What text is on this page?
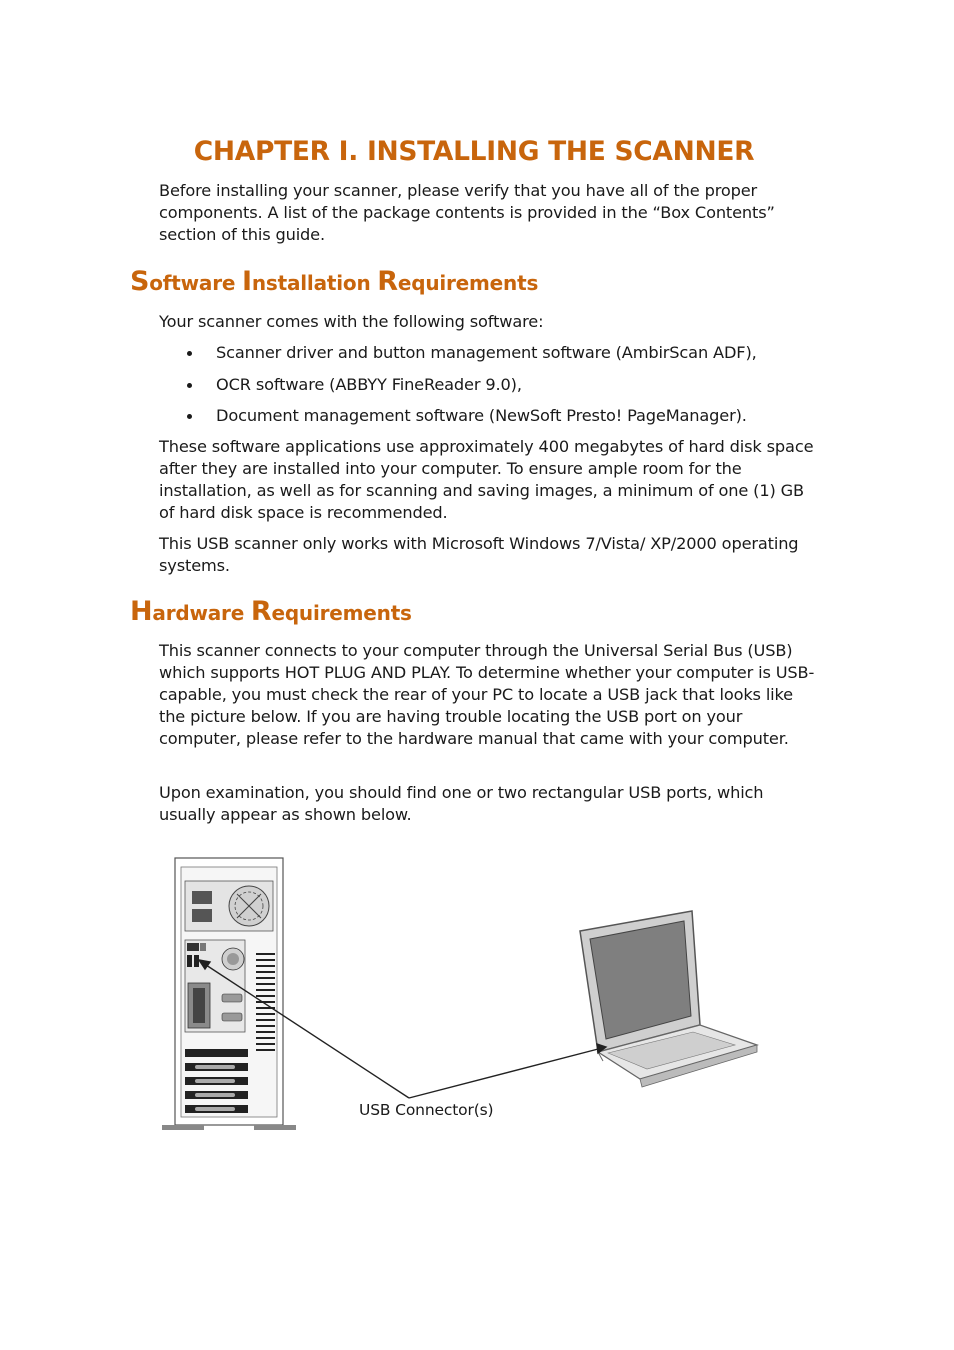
CHAPTER I. INSTALLING THE SCANNER

Before installing your scanner, please verify that you have all of the proper components. A list of the package contents is provided in the “Box Contents” section of this guide.

Software Installation Requirements

Your scanner comes with the following software:

Scanner driver and button management software (AmbirScan ADF),
OCR software (ABBYY FineReader 9.0),
Document management software (NewSoft Presto! PageManager).

These software applications use approximately 400 megabytes of hard disk space after they are installed into your computer. To ensure ample room for the installation, as well as for scanning and saving images, a minimum of one (1) GB of hard disk space is recommended.

This USB scanner only works with Microsoft Windows 7/Vista/ XP/2000 operating systems.

Hardware Requirements

This scanner connects to your computer through the Universal Serial Bus (USB) which supports HOT PLUG AND PLAY. To determine whether your computer is USB-capable, you must check the rear of your PC to locate a USB jack that looks like the picture below. If you are having trouble locating the USB port on your computer, please refer to the hardware manual that came with your computer.

Upon examination, you should find one or two rectangular USB ports, which usually appear as shown below.

USB Connector(s)
